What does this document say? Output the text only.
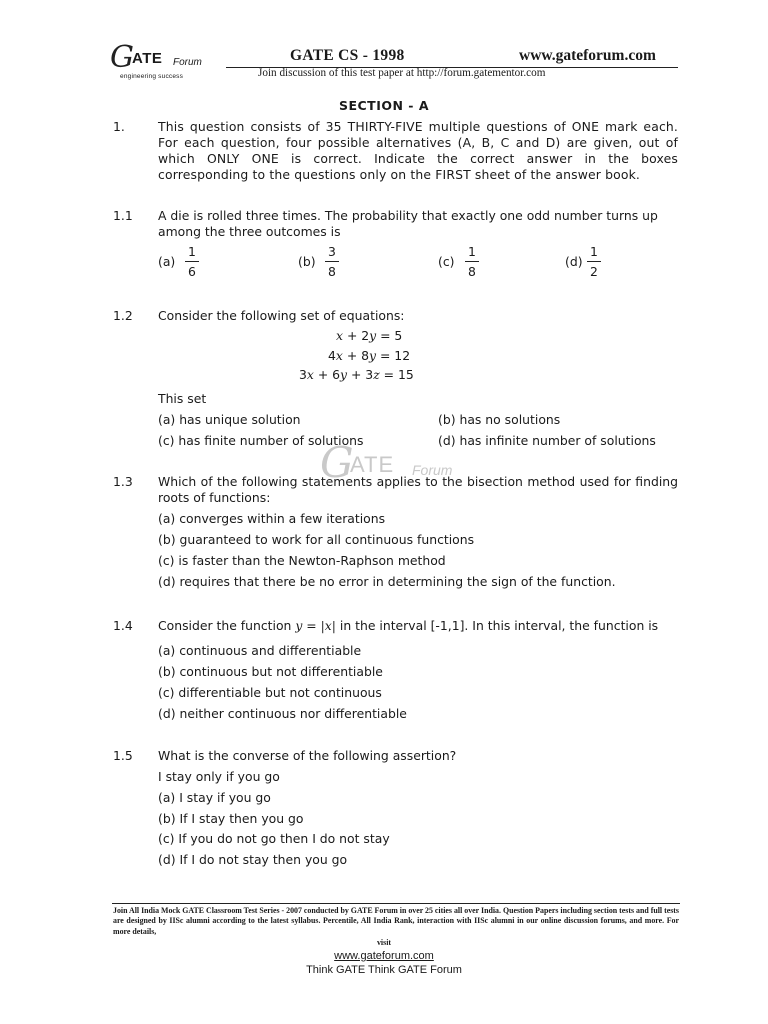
G
ATE Forum
engineering success
GATE CS - 1998	www.gateforum.com
Join discussion of this test paper at http://forum.gatementor.com
SECTION - A
1.	This question consists of 35 THIRTY-FIVE multiple questions of ONE mark each. For each question, four possible alternatives (A, B, C and D) are given, out of which ONLY ONE is correct. Indicate the correct answer in the boxes corresponding to the questions only on the FIRST sheet of the answer book.
1.1 A die is rolled three times. The probability that exactly one odd number turns up among the three outcomes is
(a)
1
6
(b)
3
8
(c)
1
8
(d)
1
2
1.2 Consider the following set of equations:
x + 2y = 5
4x + 8y = 12
3x + 6y + 3z = 15
This set
(a) has unique solution	(b) has no solutions
(c) has finite number of solutions	(d) has infinite number of solutions
G
ATE Forum
1.3 Which of the following statements applies to the bisection method used for finding roots of functions:
(a) converges within a few iterations
(b) guaranteed to work for all continuous functions
(c) is faster than the Newton-Raphson method
(d) requires that there be no error in determining the sign of the function.
1.4 Consider the function y = |x| in the interval [-1,1]. In this interval, the function is
(a) continuous and differentiable
(b) continuous but not differentiable
(c) differentiable but not continuous
(d) neither continuous nor differentiable
1.5 What is the converse of the following assertion?
I stay only if you go
(a) I stay if you go
(b) If I stay then you go
(c) If you do not go then I do not stay
(d) If I do not stay then you go
Join All India Mock GATE Classroom Test Series - 2007 conducted by GATE Forum in over 25 cities all over India. Question Papers including section tests and full tests are designed by IISc alumni according to the latest syllabus. Percentile, All India Rank, interaction with IISc alumni in our online discussion forums, and more. For more details,
visit
www.gateforum.com
Think GATE Think GATE Forum
